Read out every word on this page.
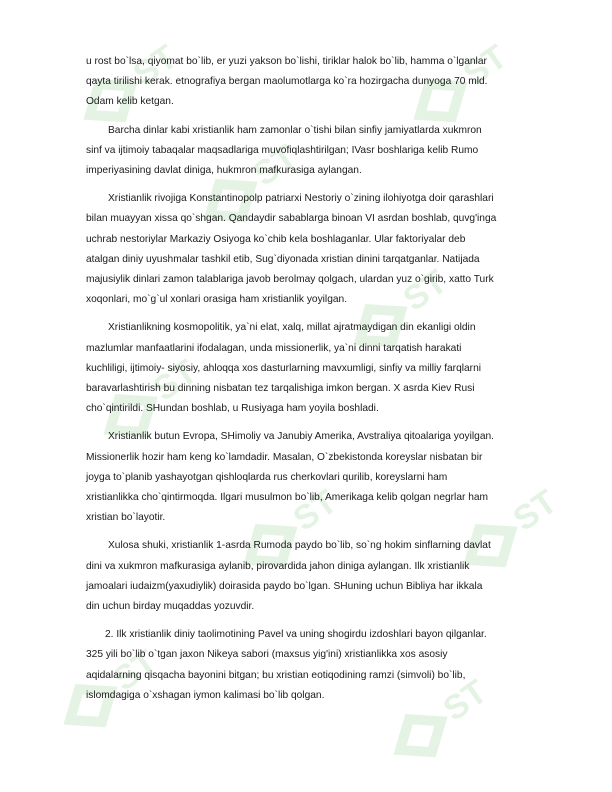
ST
ST
ST
ST
ST
ST	ST
ST
ST

u rost bo`lsa, qiyomat bo`lib, er yuzi yakson bo`lishi, tiriklar halok bo`lib, hamma o`lganlar
qayta tirilishi kerak. etnografiya bergan maolumotlarga ko`ra hozirgacha dunyoga 70 mld.
Odam kelib ketgan.

Barcha dinlar kabi xristianlik ham zamonlar o`tishi bilan sinfiy jamiyatlarda xukmron
sinf va ijtimoiy tabaqalar maqsadlariga muvofiqlashtirilgan; IVasr boshlariga kelib Rumo
imperiyasining davlat diniga, hukmron mafkurasiga aylangan.

Xristianlik rivojiga Konstantinopolp patriarxi Nestoriy o`zining ilohiyotga doir qarashlari
bilan muayyan xissa qo`shgan. Qandaydir sabablarga binoan VI asrdan boshlab, quvg'inga
uchrab nestoriylar Markaziy Osiyoga ko`chib kela boshlaganlar. Ular faktoriyalar deb
atalgan diniy uyushmalar tashkil etib, Sug`diyonada xristian dinini tarqatganlar. Natijada
majusiylik dinlari zamon talablariga javob berolmay qolgach, ulardan yuz o`girib, xatto Turk
xoqonlari, mo`g`ul xonlari orasiga ham xristianlik yoyilgan.

Xristianlikning kosmopolitik, ya`ni elat, xalq, millat ajratmaydigan din ekanligi oldin
mazlumlar manfaatlarini ifodalagan, unda missionerlik, ya`ni dinni tarqatish harakati
kuchliligi, ijtimoiy- siyosiy, ahloqqa xos dasturlarning mavxumligi, sinfiy va milliy farqlarni
baravarlashtirish bu dinning nisbatan tez tarqalishiga imkon bergan. X asrda Kiev Rusi
cho`qintirildi. SHundan boshlab, u Rusiyaga ham yoyila boshladi.

Xristianlik butun Evropa, SHimoliy va Janubiy Amerika, Avstraliya qitoalariga yoyilgan.
Missionerlik hozir ham keng ko`lamdadir. Masalan, O`zbekistonda koreyslar nisbatan bir
joyga to`planib yashayotgan qishloqlarda rus cherkovlari qurilib, koreyslarni ham
xristianlikka cho`qintirmoqda. Ilgari musulmon bo`lib, Amerikaga kelib qolgan negrlar ham
xristian bo`layotir.

Xulosa shuki, xristianlik 1-asrda Rumoda paydo bo`lib, so`ng hokim sinflarning davlat
dini va xukmron mafkurasiga aylanib, pirovardida jahon diniga aylangan. Ilk xristianlik
jamoalari iudaizm(yaxudiylik) doirasida paydo bo`lgan. SHuning uchun Bibliya har ikkala
din uchun birday muqaddas yozuvdir.

2. Ilk xristianlik diniy taolimotining Pavel va uning shogirdu izdoshlari bayon qilganlar.
325 yili bo`lib o`tgan jaxon Nikeya sabori (maxsus yig'ini) xristianlikka xos asosiy
aqidalarning qisqacha bayonini bitgan; bu xristian eotiqodining ramzi (simvoli) bo`lib,
islomdagiga o`xshagan iymon kalimasi bo`lib qolgan.
